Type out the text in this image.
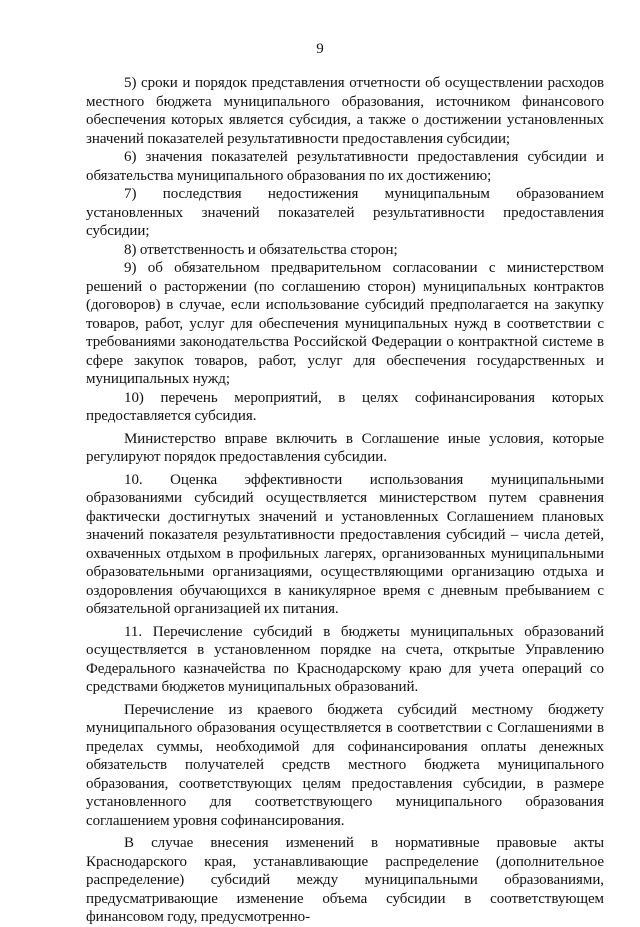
9

5) сроки и порядок представления отчетности об осуществлении расходов местного бюджета муниципального образования, источником финансового обеспечения которых является субсидия, а также о достижении установленных значений показателей результативности предоставления субсидии;

6) значения показателей результативности предоставления субсидии и обязательства муниципального образования по их достижению;

7) последствия недостижения муниципальным образованием установленных значений показателей результативности предоставления субсидии;

8) ответственность и обязательства сторон;

9) об обязательном предварительном согласовании с министерством решений о расторжении (по соглашению сторон) муниципальных контрактов (договоров) в случае, если использование субсидий предполагается на закупку товаров, работ, услуг для обеспечения муниципальных нужд в соответствии с требованиями законодательства Российской Федерации о контрактной системе в сфере закупок товаров, работ, услуг для обеспечения государственных и муниципальных нужд;

10) перечень мероприятий, в целях софинансирования которых предоставляется субсидия.

Министерство вправе включить в Соглашение иные условия, которые регулируют порядок предоставления субсидии.

10. Оценка эффективности использования муниципальными образованиями субсидий осуществляется министерством путем сравнения фактически достигнутых значений и установленных Соглашением плановых значений показателя результативности предоставления субсидий – числа детей, охваченных отдыхом в профильных лагерях, организованных муниципальными образовательными организациями, осуществляющими организацию отдыха и оздоровления обучающихся в каникулярное время с дневным пребыванием с обязательной организацией их питания.

11. Перечисление субсидий в бюджеты муниципальных образований осуществляется в установленном порядке на счета, открытые Управлению Федерального казначейства по Краснодарскому краю для учета операций со средствами бюджетов муниципальных образований.

Перечисление из краевого бюджета субсидий местному бюджету муниципального образования осуществляется в соответствии с Соглашениями в пределах суммы, необходимой для софинансирования оплаты денежных обязательств получателей средств местного бюджета муниципального образования, соответствующих целям предоставления субсидии, в размере установленного для соответствующего муниципального образования соглашением уровня софинансирования.

В случае внесения изменений в нормативные правовые акты Краснодарского края, устанавливающие распределение (дополнительное распределение) субсидий между муниципальными образованиями, предусматривающие изменение объема субсидии в соответствующем финансовом году, предусмотренно-
